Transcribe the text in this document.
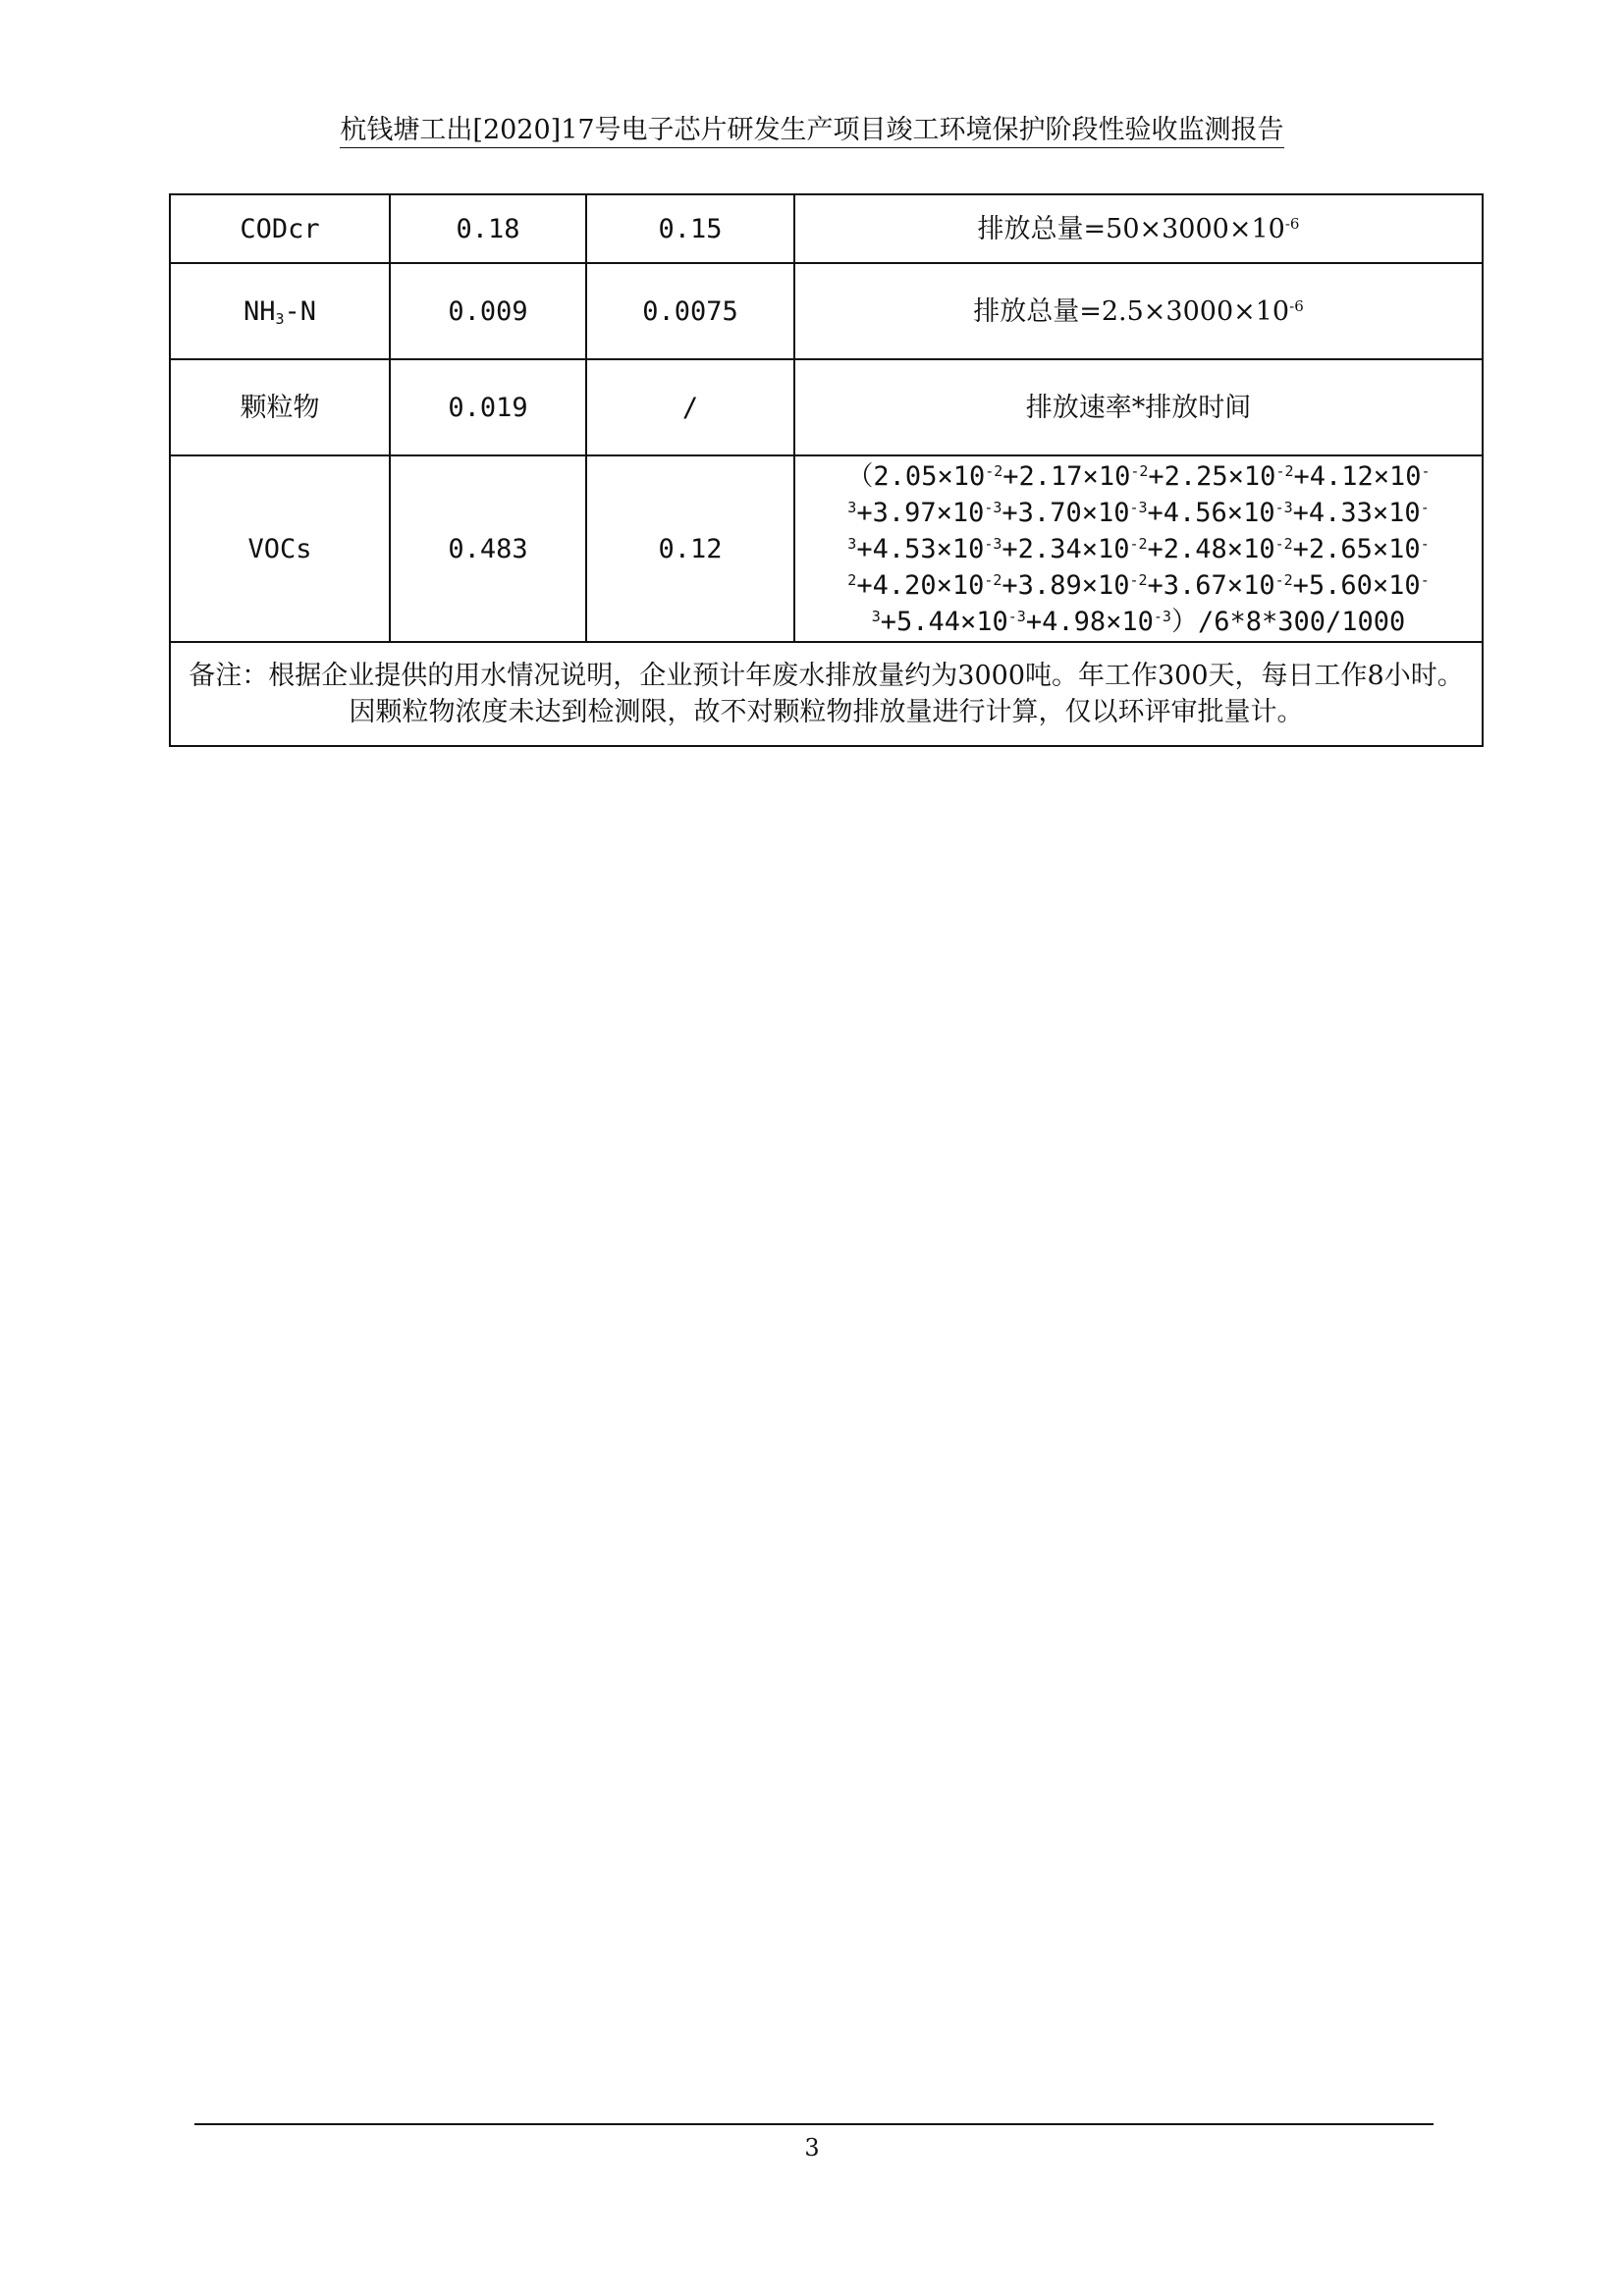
杭钱塘工出[2020]17号电子芯片研发生产项目竣工环境保护阶段性验收监测报告
CODcr	0.18	0.15	排放总量$=50\times 3000\times 10^{-6}$
$NH_3-N$	0.009	0.0075	排放总量$=2.5\times 3000\times 10^{-6}$
颗粒物	0.019	/	排放速率*排放时间
VOCs	0.483	0.12	（$2.05\times 10^{-2}+2.17\times 10^{-2}+2.25\times 10^{-2}+4.12\times 10^{-3}+3.97\times 10^{-3}+3.70\times 10^{-3}+4.56\times 10^{-3}+4.33\times 10^{-3}+4.53\times 10^{-3}+2.34\times 10^{-2}+2.48\times 10^{-2}+2.65\times 10^{-2}+4.20\times 10^{-2}+3$.$89\times 10^{-2}+3.67\times 10^{-2}+5.60\times 10^{-3}+5.44\times 10^{-3}+4.98\times 10^{-3})/6*8*300/1000$
备注：根据企业提供的用水情况说明，企业预计年废水排放量约为3000吨。年工作300天，每日工作8小时。因颗粒物浓度未达到检测限，故不对颗粒物排放量进行计算，仅以环评审批量计。			
3
